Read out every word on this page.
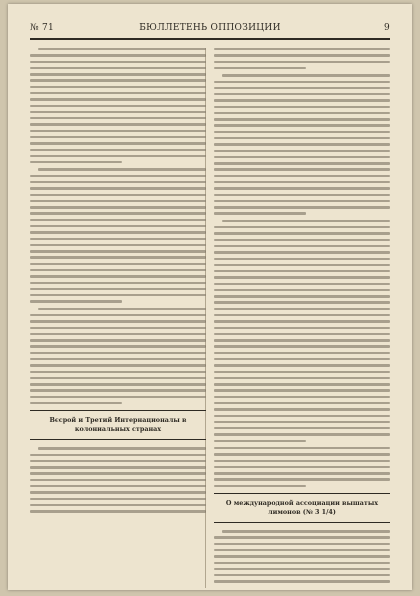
№ 71	БЮЛЛЕТЕНЬ ОППОЗИЦИИ	9
Вєсрой и Третий Интернационалы в колониальных странах
О международной ассоциации вышатых лимонов (№ 3 1/4)
